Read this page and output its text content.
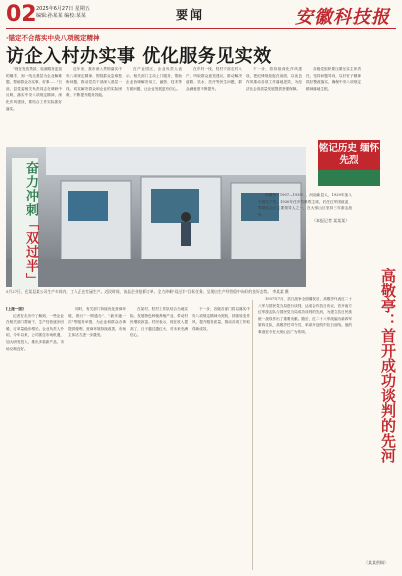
02 2025年6月27日 星期五
编辑:孙某某 编校:某某	要闻	安徽科技报
·锚定不合落实中央八项规定精神
访企入村办实事 优化服务见实效

"现在发放贷款、检测服务更加的顺手，到一线走基层为企业解难题，帮助群众办实事、好事……"日前，县党委相关负责同志在调研中反映，落实中央八项规定精神，深化作风建设，要结合工作实际抓好落实。

近年来，我市深入贯彻落实中央八项规定精神，围绕群众急难愁盼问题，推动党员干部深入基层一线，切实解决群众和企业的实际困难，不断提升服务效能。

在产业园区，企业负责人表示，相关部门主动上门服务，帮助企业协调解决用工、融资、技术等方面问题，让企业发展更有信心。

在乡村一线，驻村干部走村入户，听取群众意见建议，推动解决道路、饮水、医疗等民生问题，群众满意度不断提升。

下一步，将持续深化作风建设，把纪律规矩挺在前面，以优良作风推动各项工作落地见效，为经济社会高质量发展提供坚强保障。

各级党组织要压紧压实主体责任，坚持问题导向，以钉钉子精神抓好整改落实，确保中央八项规定精神落地生根。

（本报记者 某某某）
奋力冲刺「双过半」
5月27日，在某县某公司生产车间内，工人正在忙碌生产。近段时间，该县企业抢抓订单，全力冲刺"双过半"目标任务，呈现出生产经营稳中向好的良好态势。 李某某 摄

[上接一版]

记者在走访中了解到，一些企业在相关部门帮助下，生产经营逐步回暖，订单量稳步增长。企业负责人介绍，今年以来，公司抓住市场机遇，加大研发投入，推出多款新产品，市场反响良好。

同时，有关部门持续优化营商环境，推行"一网通办"、"最多跑一次"等服务举措，为企业和群众办事提供便利，营商环境持续改善，市场主体活力进一步激发。

在某村，驻村工作队结合当地实际，发展特色种植养殖产业，带动村民增收致富。村民表示，现在收入提高了，日子越过越红火，对未来充满信心。

下一步，各级各部门将以落实中央八项规定精神为契机，持续转变作风，提升服务质量，推动各项工作取得新成效。

铭记历史 缅怀先烈

高敬亭（1907—1939），河南新县人，1929年加入中国共产党。1930年任乡苏维埃主席，后任红军团政委、鄂豫皖边区主要领导人之一，在大别山区坚持三年游击战争。

1937年7月，抗日战争全面爆发后，高敬亭代表红二十八军与国民党当局进行谈判，达成合作抗日协议，首开南方红军游击队与国民党当局成功谈判的先河，为建立抗日民族统一战线作出了重要贡献。随后，红二十八军改编为新四军第四支队，高敬亭任司令员，率部开赴皖中抗日前线。他的事迹至今在大别山区广为传颂。	高敬亭：首开成功谈判的先河
（某某供稿）
